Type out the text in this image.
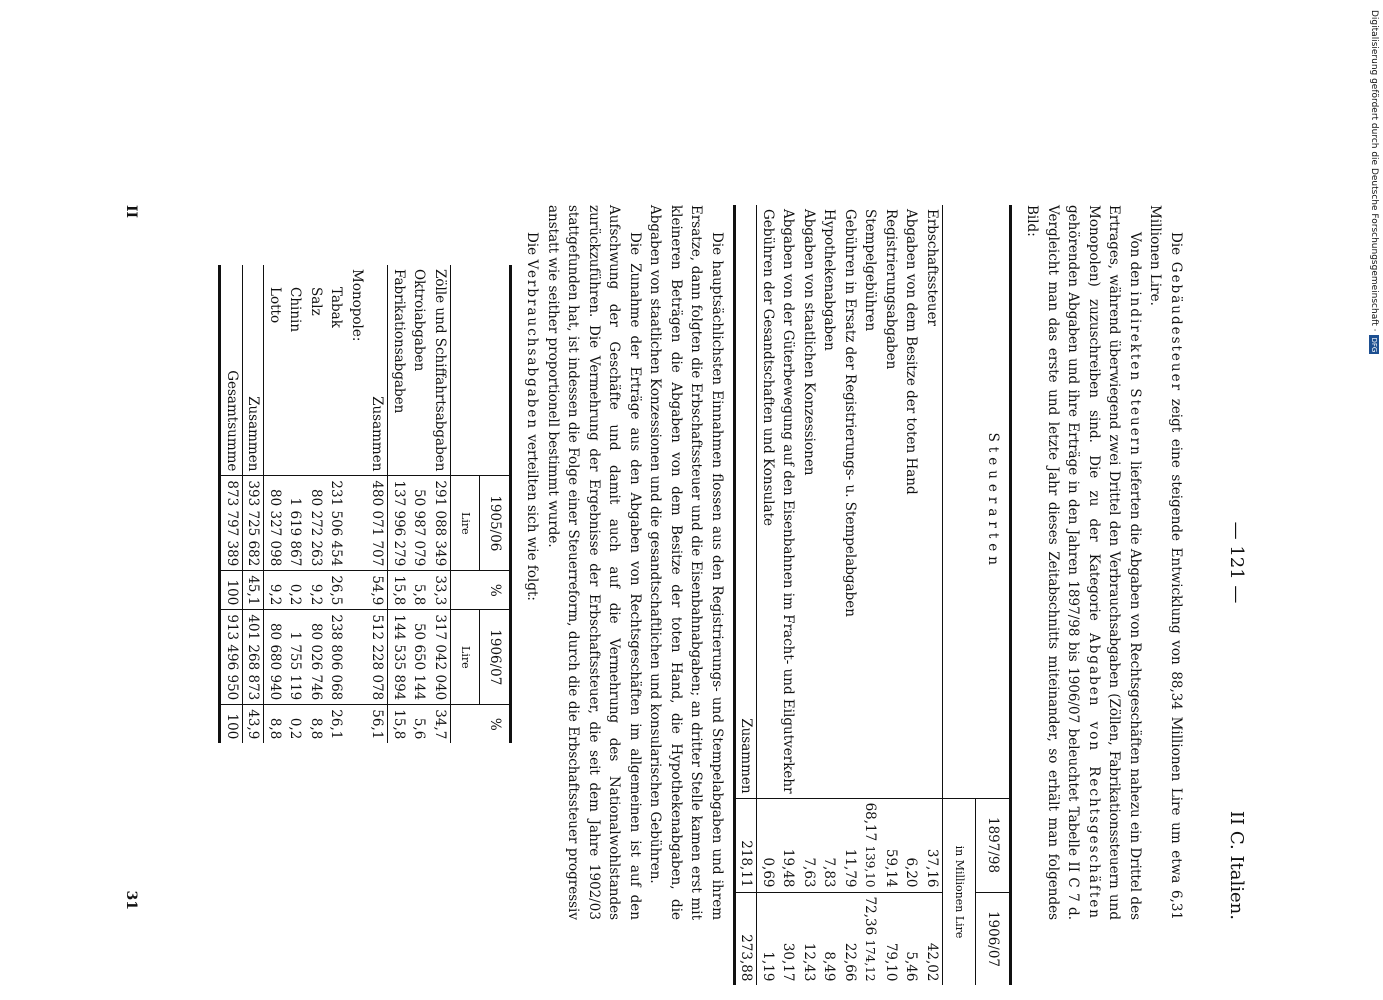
— 121 —
II C. Italien.

Die Gebäudesteuer zeigt eine steigende Entwicklung von 88,34 Millionen Lire um etwa 6,31 Millionen Lire.

Von den indirekten Steuern lieferten die Abgaben von Rechtsgeschäften nahezu ein Drittel des Ertrages, während überwiegend zwei Drittel den Verbrauchsabgaben (Zöllen, Fabrikationssteuern und Monopolen) zuzuschreiben sind. Die zu der Kategorie Abgaben von Rechtsgeschäften gehörenden Abgaben und ihre Erträge in den Jahren 1897/98 bis 1906/07 beleuchtet Tabelle II C 7 d. Vergleicht man das erste und letzte Jahr dieses Zeitabschnitts miteinander, so erhält man folgendes Bild:

Steuerarten	1897/98	1906/07
	in Millionen Lire	
Erbschaftssteuer	37,16	42,02
Abgaben von dem Besitze der toten Hand	6,20	5,46
Registrierungsabgaben	59,14	79,10
Stempelgebühren	68,17 139,10	72,36 174,12
Gebühren in Ersatz der Registrierungs- u. Stempelabgaben	11,79	22,66
Hypothekenabgaben	7,83	8,49
Abgaben von staatlichen Konzessionen	7,63	12,43
Abgaben von der Güterbewegung auf den Eisenbahnen im Fracht- und Eilgutverkehr	19,48	30,17
Gebühren der Gesandtschaften und Konsulate	0,69	1,19
Zusammen	218,11	273,88

Die hauptsächlichsten Einnahmen flossen aus den Registrierungs- und Stempelabgaben und ihrem Ersatze, dann folgten die Erbschaftssteuer und die Eisenbahnabgaben; an dritter Stelle kamen erst mit kleineren Beträgen die Abgaben von dem Besitze der toten Hand, die Hypothekenabgaben, die Abgaben von staatlichen Konzessionen und die gesandtschaftlichen und konsularischen Gebühren.

Die Zunahme der Erträge aus den Abgaben von Rechtsgeschäften im allgemeinen ist auf den Aufschwung der Geschäfte und damit auch auf die Vermehrung des Nationalwohlstandes zurückzuführen. Die Vermehrung der Ergebnisse der Erbschaftssteuer, die seit dem Jahre 1902/03 stattgefunden hat, ist indessen die Folge einer Steuerreform, durch die die Erbschaftssteuer progressiv anstatt wie seither proportionell bestimmt wurde.

Die Verbrauchsabgaben verteilten sich wie folgt:

	1905/06	%	1906/07	%
	Lire		Lire	
Zölle und Schiffahrtsabgaben	291 088 349	33,3	317 042 040	34,7
Oktroiabgaben	50 987 079	5,8	50 650 144	5,6
Fabrikationsabgaben	137 996 279	15,8	144 535 894	15,8
Zusammen	480 071 707	54,9	512 228 078	56,1
Monopole:				
Tabak	231 506 454	26,5	238 806 068	26,1
Salz	80 272 263	9,2	80 026 746	8,8
Chinin	1 619 867	0,2	1 755 119	0,2
Lotto	80 327 098	9,2	80 680 940	8,8
Zusammen	393 725 682	45,1	401 268 873	43,9
Gesamtsumme	873 797 389	100	913 496 950	100
II
31
Digitalisierung gefördert durch die Deutsche Forschungsgemeinschaft ·DFG
